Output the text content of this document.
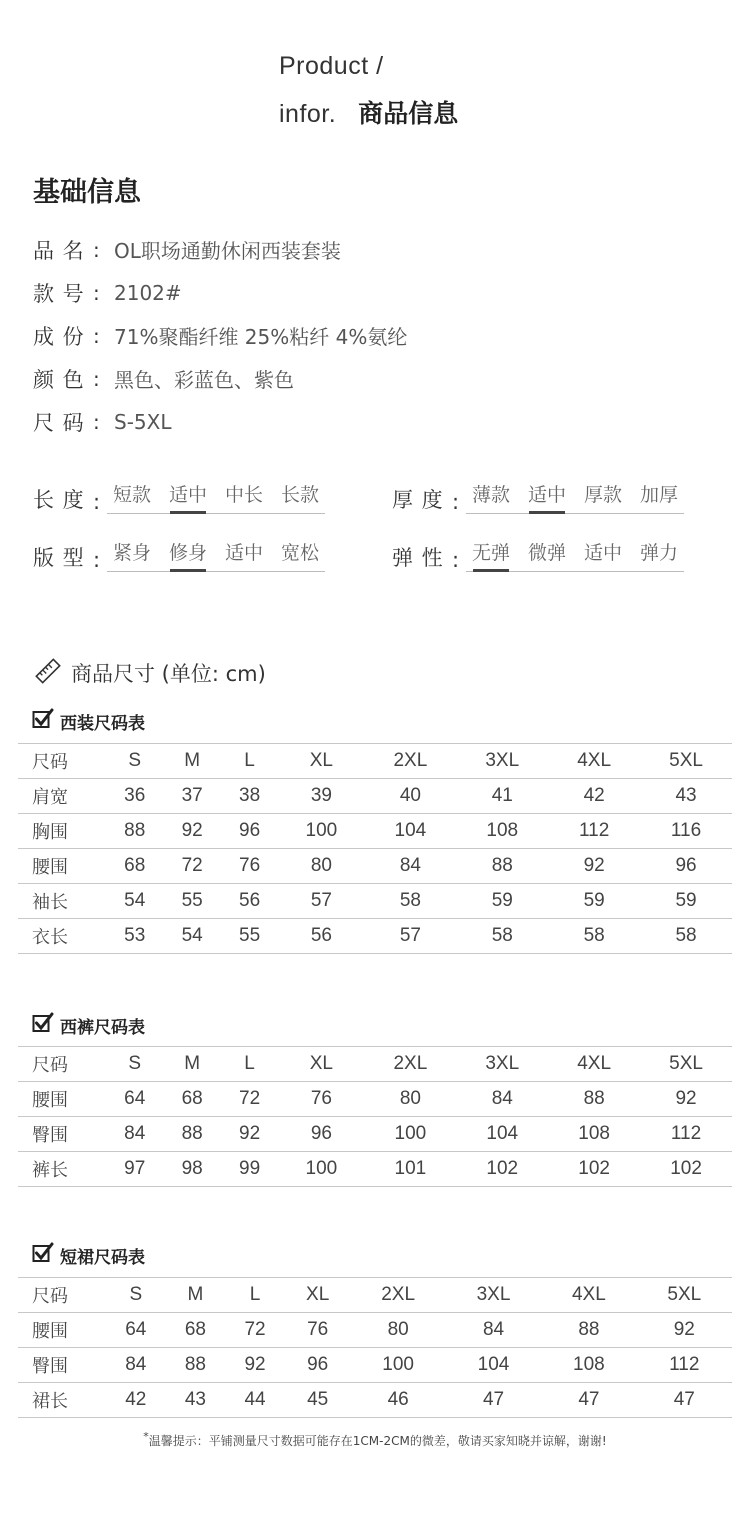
Product /
infor. 商品信息
基础信息
品 名 : OL职场通勤休闲西装套装
款 号 : 2102#
成 份 : 71%聚酯纤维 25%粘纤 4%氨纶
颜 色 : 黑色、彩蓝色、紫色
尺 码 : S-5XL
长 度 : 短款 适中 中长 长款	厚 度 : 薄款 适中 厚款 加厚
版 型 : 紧身 修身 适中 宽松	弹 性 : 无弹 微弹 适中 弹力
商品尺寸 (单位: cm)
西装尺码表
尺码	S	M	L	XL	2XL	3XL	4XL	5XL
肩宽	36	37	38	39	40	41	42	43
胸围	88	92	96	100	104	108	112	116
腰围	68	72	76	80	84	88	92	96
袖长	54	55	56	57	58	59	59	59
衣长	53	54	55	56	57	58	58	58
西裤尺码表
尺码	S	M	L	XL	2XL	3XL	4XL	5XL
腰围	64	68	72	76	80	84	88	92
臀围	84	88	92	96	100	104	108	112
裤长	97	98	99	100	101	102	102	102
短裙尺码表
尺码	S	M	L	XL	2XL	3XL	4XL	5XL
腰围	64	68	72	76	80	84	88	92
臀围	84	88	92	96	100	104	108	112
裙长	42	43	44	45	46	47	47	47
*温馨提示：平铺测量尺寸数据可能存在1CM-2CM的微差，敬请买家知晓并谅解，谢谢!
